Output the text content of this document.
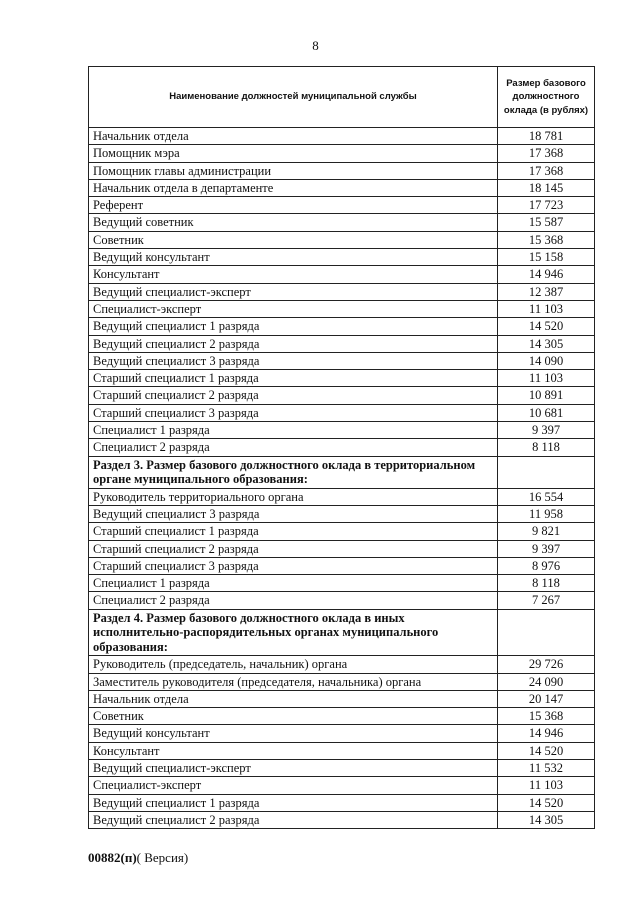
8
Наименование должностей муниципальной службы	Размер базового должностного оклада (в рублях)
Начальник отдела	18 781
Помощник мэра	17 368
Помощник главы администрации	17 368
Начальник отдела в департаменте	18 145
Референт	17 723
Ведущий советник	15 587
Советник	15 368
Ведущий консультант	15 158
Консультант	14 946
Ведущий специалист-эксперт	12 387
Специалист-эксперт	11 103
Ведущий специалист 1 разряда	14 520
Ведущий специалист 2 разряда	14 305
Ведущий специалист 3 разряда	14 090
Старший специалист 1 разряда	11 103
Старший специалист 2 разряда	10 891
Старший специалист 3 разряда	10 681
Специалист 1 разряда	9 397
Специалист 2 разряда	8 118
Раздел 3. Размер базового должностного оклада в территориальном органе муниципального образования:	
Руководитель территориального органа	16 554
Ведущий специалист 3 разряда	11 958
Старший специалист 1 разряда	9 821
Старший специалист 2 разряда	9 397
Старший специалист 3 разряда	8 976
Специалист 1 разряда	8 118
Специалист 2 разряда	7 267
Раздел 4. Размер базового должностного оклада в иных исполнительно-распорядительных органах муниципального образования:	
Руководитель (председатель, начальник) органа	29 726
Заместитель руководителя (председателя, начальника) органа	24 090
Начальник отдела	20 147
Советник	15 368
Ведущий консультант	14 946
Консультант	14 520
Ведущий специалист-эксперт	11 532
Специалист-эксперт	11 103
Ведущий специалист 1 разряда	14 520
Ведущий специалист 2 разряда	14 305
00882(п)( Версия)
